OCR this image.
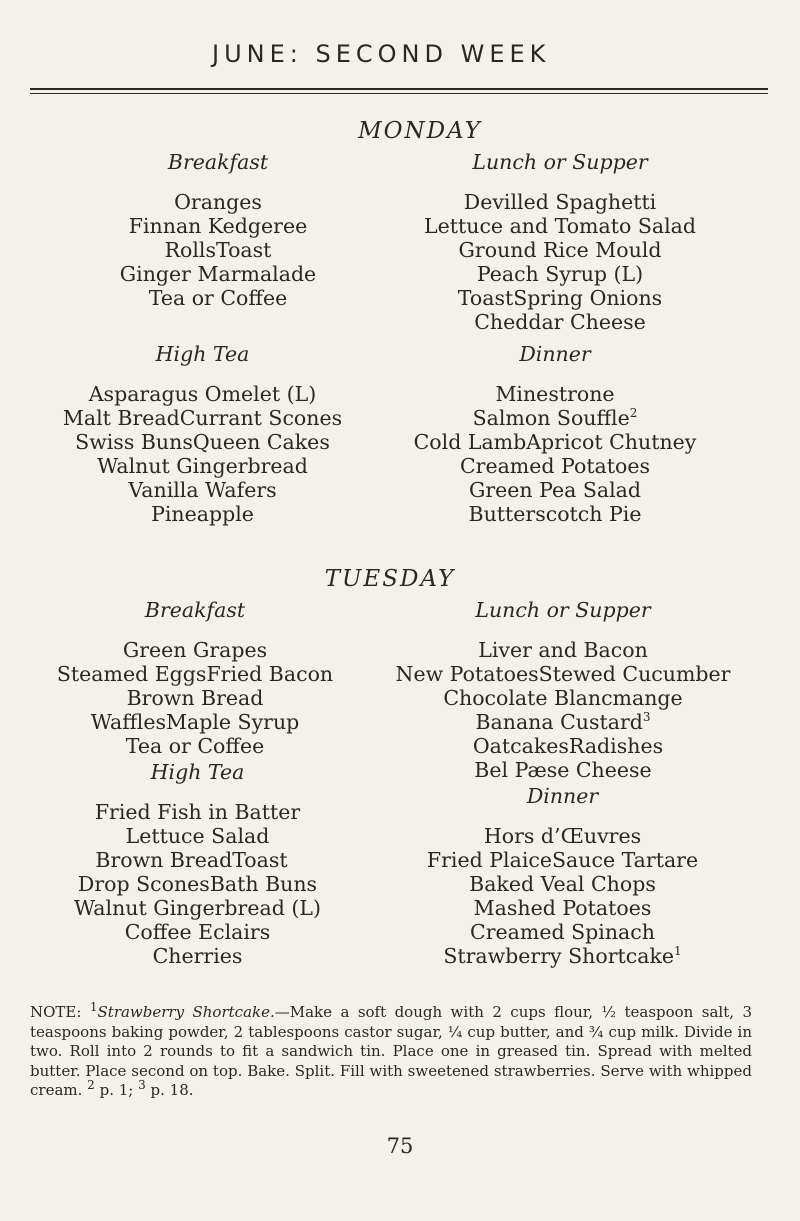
JUNE: SECOND WEEK
MONDAY
Breakfast
Oranges
Finnan Kedgeree
RollsToast
Ginger Marmalade
Tea or Coffee
Lunch or Supper
Devilled Spaghetti
Lettuce and Tomato Salad
Ground Rice Mould
Peach Syrup (L)
ToastSpring Onions
Cheddar Cheese
High Tea
Asparagus Omelet (L)
Malt BreadCurrant Scones
Swiss BunsQueen Cakes
Walnut Gingerbread
Vanilla Wafers
Pineapple
Dinner
Minestrone
Salmon Souffle$^2$
Cold LambApricot Chutney
Creamed Potatoes
Green Pea Salad
Butterscotch Pie
TUESDAY
Breakfast
Green Grapes
Steamed EggsFried Bacon
Brown Bread
WafflesMaple Syrup
Tea or Coffee
Lunch or Supper
Liver and Bacon
New PotatoesStewed Cucumber
Chocolate Blancmange
Banana Custard$^3$
OatcakesRadishes
Bel Pæse Cheese
High Tea
Fried Fish in Batter
Lettuce Salad
Brown BreadToast
Drop SconesBath Buns
Walnut Gingerbread (L)
Coffee Eclairs
Cherries
Dinner
Hors d’Œuvres
Fried PlaiceSauce Tartare
Baked Veal Chops
Mashed Potatoes
Creamed Spinach
Strawberry Shortcake$^1$
NOTE: $^1$Strawberry Shortcake.—Make a soft dough with 2 cups flour, ½ teaspoon salt, 3 teaspoons baking powder, 2 tablespoons castor sugar, ¼ cup butter, and ¾ cup milk. Divide in two. Roll into 2 rounds to fit a sandwich tin. Place one in greased tin. Spread with melted butter. Place second on top. Bake. Split. Fill with sweetened strawberries. Serve with whipped cream. $^2$ p. 1; $^3$ p. 18.
75
